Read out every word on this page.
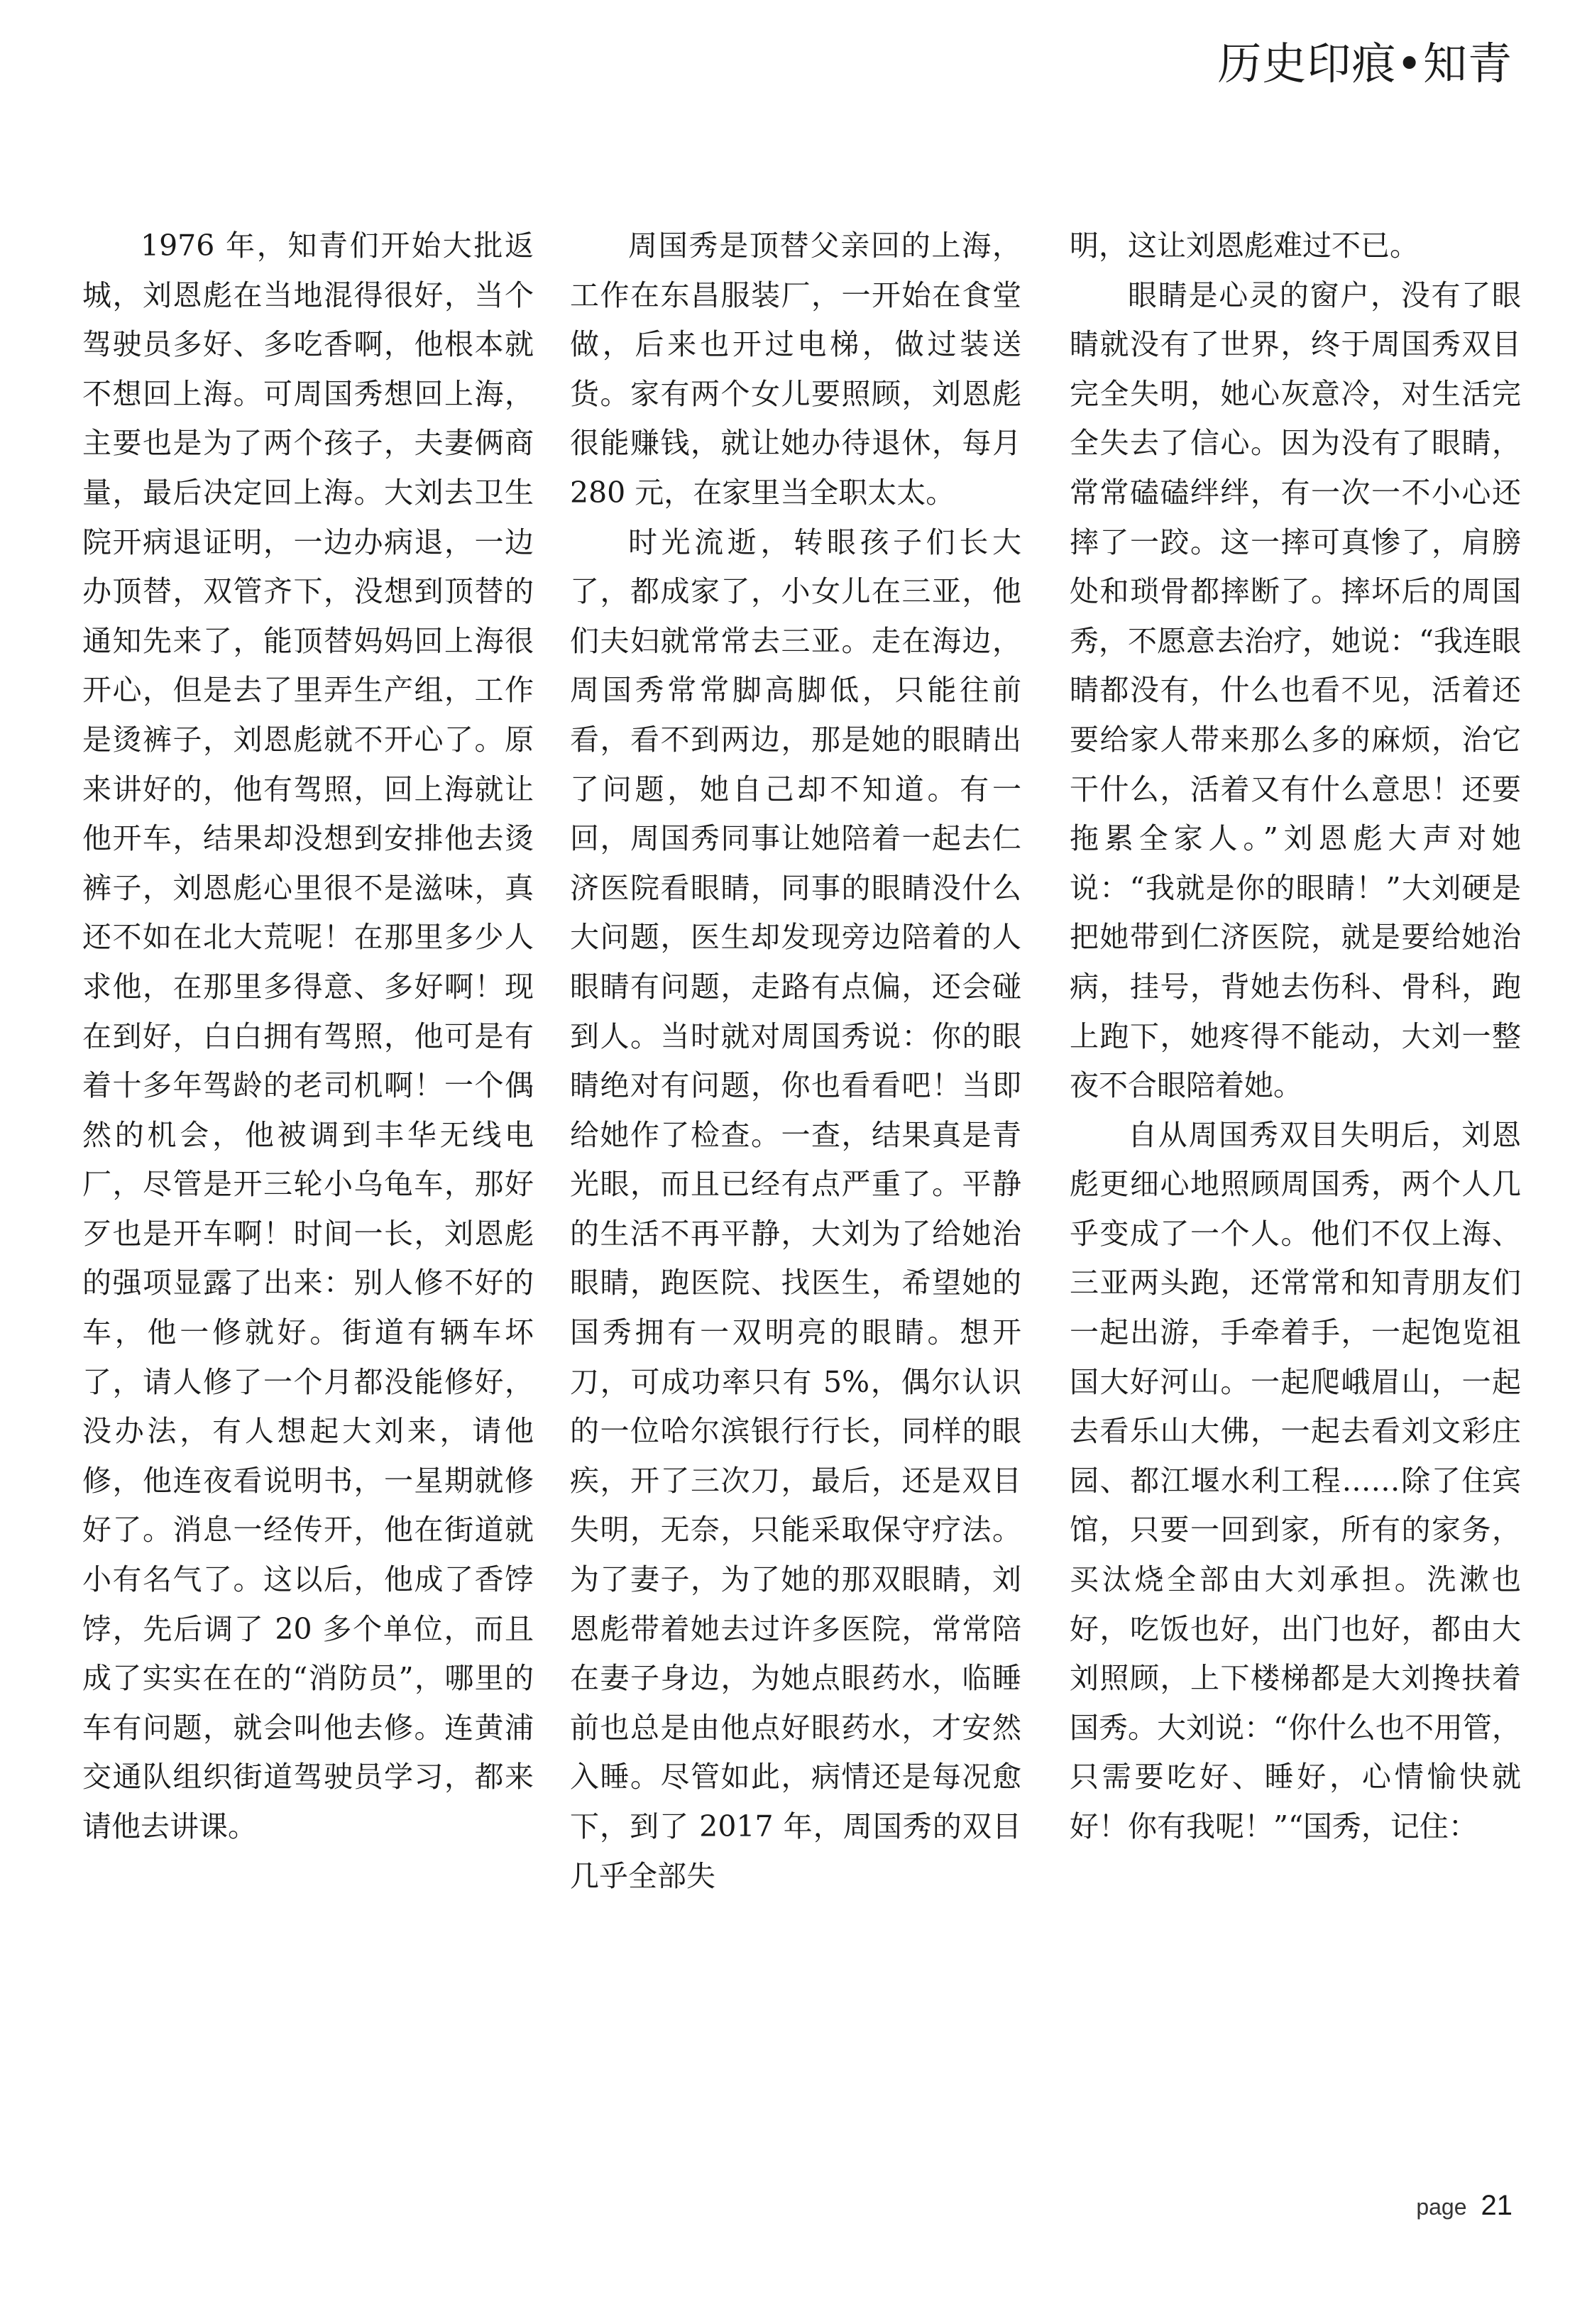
历史印痕•知青

1976 年，知青们开始大批返城，刘恩彪在当地混得很好，当个驾驶员多好、多吃香啊，他根本就不想回上海。可周国秀想回上海，主要也是为了两个孩子，夫妻俩商量，最后决定回上海。大刘去卫生院开病退证明，一边办病退，一边办顶替，双管齐下，没想到顶替的通知先来了，能顶替妈妈回上海很开心，但是去了里弄生产组，工作是烫裤子，刘恩彪就不开心了。原来讲好的，他有驾照，回上海就让他开车，结果却没想到安排他去烫裤子，刘恩彪心里很不是滋味，真还不如在北大荒呢！在那里多少人求他，在那里多得意、多好啊！现在到好，白白拥有驾照，他可是有着十多年驾龄的老司机啊！一个偶然的机会，他被调到丰华无线电厂，尽管是开三轮小乌龟车，那好歹也是开车啊！时间一长，刘恩彪的强项显露了出来：别人修不好的车，他一修就好。街道有辆车坏了，请人修了一个月都没能修好，没办法，有人想起大刘来，请他修，他连夜看说明书，一星期就修好了。消息一经传开，他在街道就小有名气了。这以后，他成了香饽饽，先后调了 20 多个单位，而且成了实实在在的“消防员”，哪里的车有问题，就会叫他去修。连黄浦交通队组织街道驾驶员学习，都来请他去讲课。

周国秀是顶替父亲回的上海，工作在东昌服装厂，一开始在食堂做，后来也开过电梯，做过装送货。家有两个女儿要照顾，刘恩彪很能赚钱，就让她办待退休，每月 280 元，在家里当全职太太。

时光流逝，转眼孩子们长大了，都成家了，小女儿在三亚，他们夫妇就常常去三亚。走在海边，周国秀常常脚高脚低，只能往前看，看不到两边，那是她的眼睛出了问题，她自己却不知道。有一回，周国秀同事让她陪着一起去仁济医院看眼睛，同事的眼睛没什么大问题，医生却发现旁边陪着的人眼睛有问题，走路有点偏，还会碰到人。当时就对周国秀说：你的眼睛绝对有问题，你也看看吧！当即给她作了检查。一查，结果真是青光眼，而且已经有点严重了。平静的生活不再平静，大刘为了给她治眼睛，跑医院、找医生，希望她的国秀拥有一双明亮的眼睛。想开刀，可成功率只有 5%，偶尔认识的一位哈尔滨银行行长，同样的眼疾，开了三次刀，最后，还是双目失明，无奈，只能采取保守疗法。为了妻子，为了她的那双眼睛，刘恩彪带着她去过许多医院，常常陪在妻子身边，为她点眼药水，临睡前也总是由他点好眼药水，才安然入睡。尽管如此，病情还是每况愈下，到了 2017 年，周国秀的双目几乎全部失

明，这让刘恩彪难过不已。

眼睛是心灵的窗户，没有了眼睛就没有了世界，终于周国秀双目完全失明，她心灰意冷，对生活完全失去了信心。因为没有了眼睛，常常磕磕绊绊，有一次一不小心还摔了一跤。这一摔可真惨了，肩膀处和琐骨都摔断了。摔坏后的周国秀，不愿意去治疗，她说：“我连眼睛都没有，什么也看不见，活着还要给家人带来那么多的麻烦，治它干什么，活着又有什么意思！还要拖累全家人。”刘恩彪大声对她说：“我就是你的眼睛！”大刘硬是把她带到仁济医院，就是要给她治病，挂号，背她去伤科、骨科，跑上跑下，她疼得不能动，大刘一整夜不合眼陪着她。

自从周国秀双目失明后，刘恩彪更细心地照顾周国秀，两个人几乎变成了一个人。他们不仅上海、三亚两头跑，还常常和知青朋友们一起出游，手牵着手，一起饱览祖国大好河山。一起爬峨眉山，一起去看乐山大佛，一起去看刘文彩庄园、都江堰水利工程……除了住宾馆，只要一回到家，所有的家务，买汰烧全部由大刘承担。洗漱也好，吃饭也好，出门也好，都由大刘照顾，上下楼梯都是大刘搀扶着国秀。大刘说：“你什么也不用管，只需要吃好、睡好，心情愉快就好！你有我呢！”“国秀，记住：

page 21
